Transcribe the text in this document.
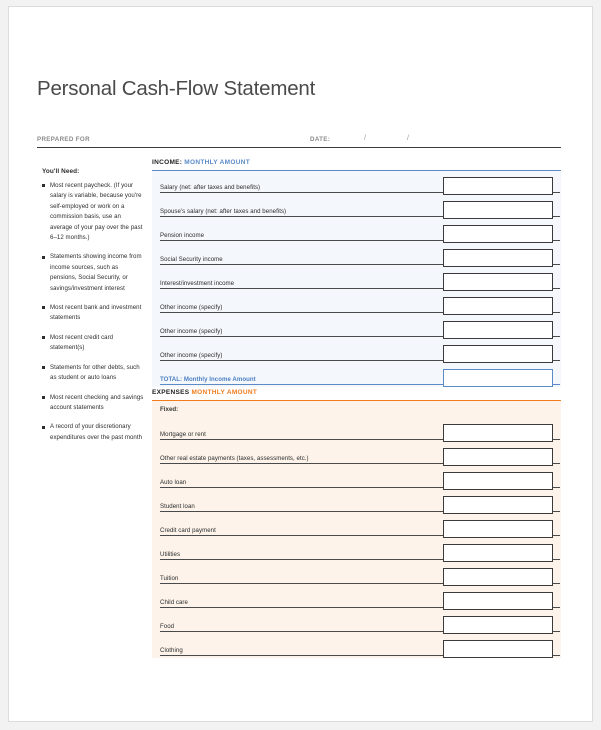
Personal Cash-Flow Statement
PREPARED FOR	DATE:	/	/
You'll Need:
Most recent paycheck. (If your salary is variable, because you're self-employed or work on a commission basis, use an average of your pay over the past 6–12 months.)
Statements showing income from income sources, such as pensions, Social Security, or savings/investment interest
Most recent bank and investment statements
Most recent credit card statement(s)
Statements for other debts, such as student or auto loans
Most recent checking and savings account statements
A record of your discretionary expenditures over the past month
INCOME: MONTHLY AMOUNT
Salary (net: after taxes and benefits)
Spouse's salary (net: after taxes and benefits)
Pension income
Social Security income
Interest/investment income
Other income (specify)
Other income (specify)
Other income (specify)
TOTAL: Monthly Income Amount
EXPENSES MONTHLY AMOUNT
Fixed:
Mortgage or rent
Other real estate payments (taxes, assessments, etc.)
Auto loan
Student loan
Credit card payment
Utilities
Tuition
Child care
Food
Clothing
